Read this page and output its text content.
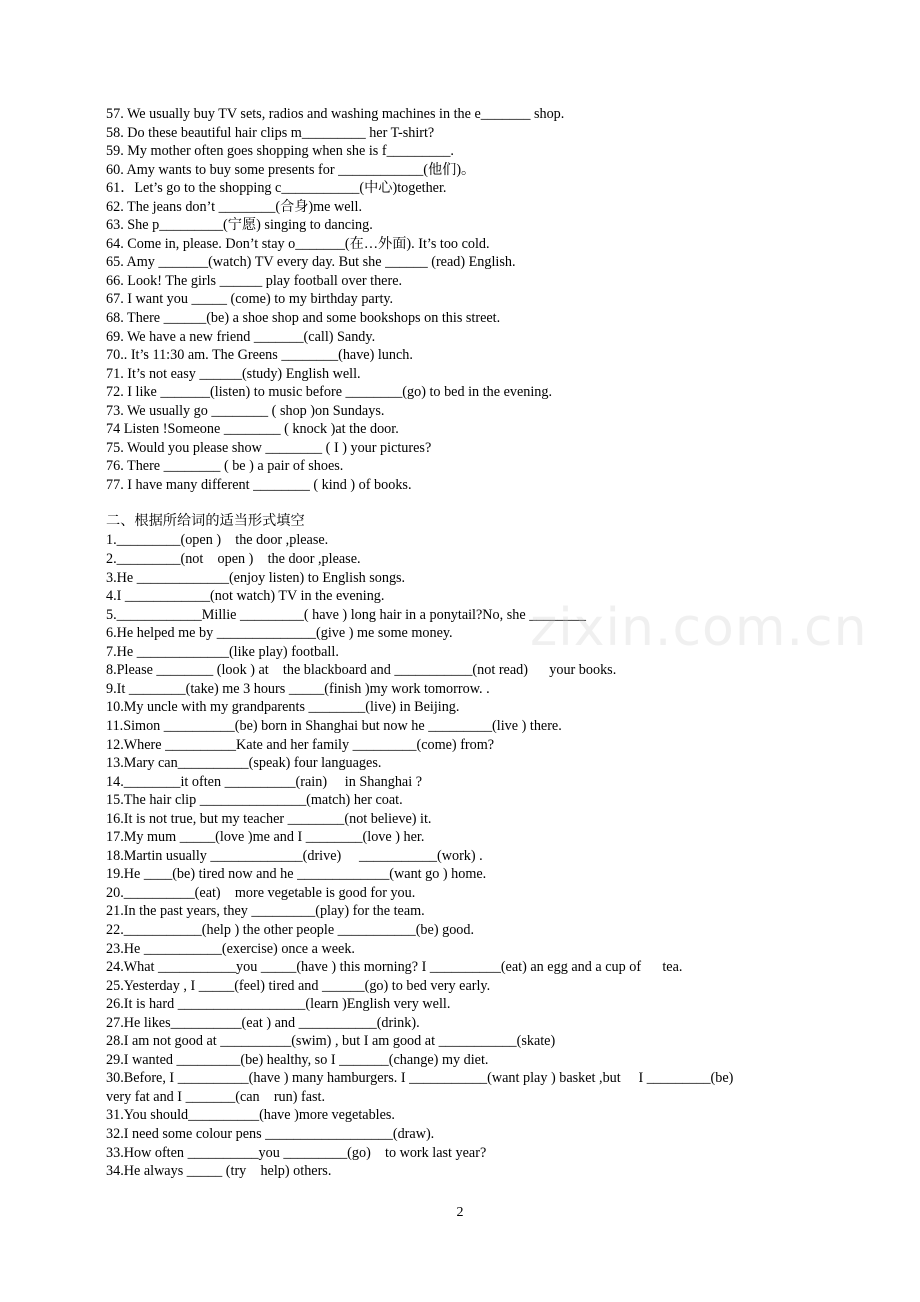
57. We usually buy TV sets, radios and washing machines in the e_______ shop.
58. Do these beautiful hair clips m_________ her T-shirt?
59. My mother often goes shopping when she is f_________.
60. Amy wants to buy some presents for ____________(他们)。
61．Let’s go to the shopping c___________(中心)together.
62. The jeans don’t ________(合身)me well.
63. She p_________(宁愿) singing to dancing.
64. Come in, please. Don’t stay o_______(在…外面). It’s too cold.
65. Amy _______(watch) TV every day. But she ______ (read) English.
66. Look! The girls ______ play football over there.
67. I want you _____ (come) to my birthday party.
68. There ______(be) a shoe shop and some bookshops on this street.
69. We have a new friend _______(call) Sandy.
70.. It’s 11:30 am. The Greens ________(have) lunch.
71. It’s not easy ______(study) English well.
72. I like _______(listen) to music before ________(go) to bed in the evening.
73. We usually go ________ ( shop )on Sundays.
74 Listen !Someone ________ ( knock )at the door.
75. Would you please show ________ ( I ) your pictures?
76. There ________ ( be ) a pair of shoes.
77. I have many different ________ ( kind ) of books.
二、根据所给词的适当形式填空
1._________(open )    the door ,please.
2._________(not    open )    the door ,please.
3.He _____________(enjoy listen) to English songs.
4.I ____________(not watch) TV in the evening.
5.____________Millie _________( have ) long hair in a ponytail?No, she ________
6.He helped me by ______________(give ) me some money.
7.He _____________(like play) football.
8.Please ________ (look ) at    the blackboard and ___________(not read)      your books.
9.It ________(take) me 3 hours _____(finish )my work tomorrow. .
10.My uncle with my grandparents ________(live) in Beijing.
11.Simon __________(be) born in Shanghai but now he _________(live ) there.
12.Where __________Kate and her family _________(come) from?
13.Mary can__________(speak) four languages.
14.________it often __________(rain)     in Shanghai ?
15.The hair clip _______________(match) her coat.
16.It is not true, but my teacher ________(not believe) it.
17.My mum _____(love )me and I ________(love ) her.
18.Martin usually _____________(drive)     ___________(work) .
19.He ____(be) tired now and he _____________(want go ) home.
20.__________(eat)    more vegetable is good for you.
21.In the past years, they _________(play) for the team.
22.___________(help ) the other people ___________(be) good.
23.He ___________(exercise) once a week.
24.What ___________you _____(have ) this morning? I __________(eat) an egg and a cup of      tea.
25.Yesterday , I _____(feel) tired and ______(go) to bed very early.
26.It is hard __________________(learn )English very well.
27.He likes__________(eat ) and ___________(drink).
28.I am not good at __________(swim) , but I am good at ___________(skate)
29.I wanted _________(be) healthy, so I _______(change) my diet.
30.Before, I __________(have ) many hamburgers. I ___________(want play ) basket ,but     I _________(be)
very fat and I _______(can    run) fast.
31.You should__________(have )more vegetables.
32.I need some colour pens __________________(draw).
33.How often __________you _________(go)    to work last year?
34.He always _____ (try    help) others.
zixin.com.cn
2
